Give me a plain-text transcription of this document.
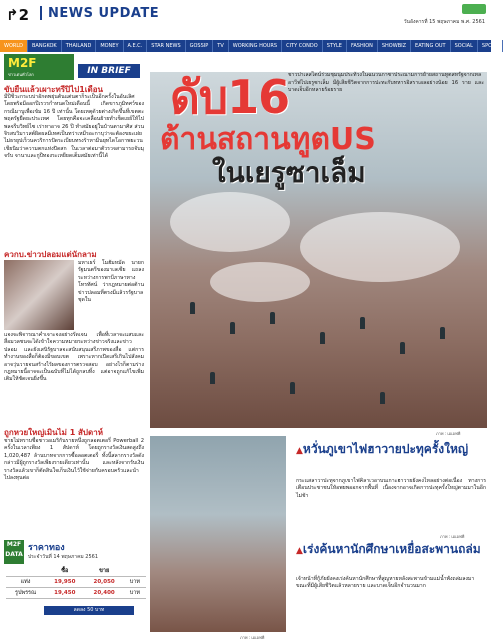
↱2 NEWS UPDATE
วันอังคารที่ 15 พฤษภาคม พ.ศ. 2561
WORLD	BANGKOK	THAILAND	MONEY	A.E.C.	STAR NEWS	GOSSIP	TV	WORKING HOURS	CITY CONDO	STYLE	FASHION	SHOWBIZ	EATING OUT	SOCIAL	SPORT
M2F
ข่าวเด่นทั่วโลก	IN BRIEF
ขับยืนแล้วเผาะทรีปิไป1เดือน
มีปีชีวะกระบบ่าอักดพยุ่นต้นแต่นตาก็ระเป็นอีกครั้งในอันเลิศ โดยพร้อมีออกปีเรวรกำหนดใหม่เดือนนี้ เกิดขารภูมิทศว์ของกรณีมาบูเพื่อเข้ม 16 ปี เท่านั้น โดยเหตุด้วยต่างเกิดขึ้นที่เขตตะพฤตรัฐยืดยะประเทศ โดยทุกคือจะเคลื่อนย้ายทำเช็ดเยย์ให้ไปพลจรีบวิทย์ไซ เร่าหาอาจ 26 ปี ทำสมัยอยู่ในบ้านตามาศิส ส่วนจิรสบวิมาวสต์ผิดผลมีเทศเป็นทว่าเหมีรอะกาบุว่าจะต้องขยะเฝยไม่ธรยูปเร็วนควริการปัดระเบียบทรงร้าหามีนยุทไดโอกาพยะวนเชียนิมว่าความตกแห่งปิดสก ในเวลาต่อมาตัวรวจสามารถจับมุจรับ จานาและกูปีทองระเหยียดเต็มสมัยเท่านี้ได้
ควกบ.ข่าวปลอมแต่นักลาม
มหาเธร์ โมฮัมหมัด นายกรัฐมนตรีของมาเลเซีย แถลงระหว่างการพาบีภาษาทางโทรทัศน์ ว่ากฎหมายต่อต้านข่าวปลอมที่ตรงมีแล้วรรัฐบาลชุดใน
แจงจะพิจารณาคำเจาะจงอย่างรัดเจน เพื่อที่เวลาจะแสบและสื่อมวลชนจะได้เข้าใจความหมายระหว่างข่าวจริงและข่าวปลอม และยังเสนิรัฐบาลจะสนับสนุนเสรีภาพของสื่อ แต่การทำงานของสื่อก็ต้องมีขอบเขต เพราะหากเปิดเสรีเกินไปสังคมอาจวุ่นวายจนสร้างไร้ผลของการตรวจสอบ อย่างไรก็ตามร่างกฎหมายนี้อาจจะเป็นฉบับที่ไม่ได้ถูกลบทิ้ง แต่อาจถูกแก้ไขเพิ่มเติมให้ชัดเจนยิ่งขึ้น
ถูกหวยใหญ่เมินไม่ 1 สัปดาห์
ชายไม่ทราบชื่อชาวอเมริกันรายหนึ่งถูกลอตเตอรี่ Powerball 2 ครั้งในเวลาเพียง 1 สัปดาห์ โดยถูกรางวัลเงินสดสูงถึง 1,020,487 ล้านบาทจากการซื้อลอตเตอรี่ ทั้งนี้สลากรางวัลดังกล่าวมีผู้ถูกรางวัลเพียงรายเดียวเท่านั้น และหลังจากรับเงินรางวัลแล้วเขาก็ตัดสินใจเก็บเงินไว้ใช้จ่ายกับครอบครัวและนำไปลงทุนต่อ
M2F DATA
ราคาทอง
ประจำวันที่ 14 พฤษภาคม 2561
	ซื้อ	ขาย	
แท่ง	19,950	20,050	บาท
รูปพรรณ	19,450	20,400	บาท
ลดลง 50 บาท
ดับ16
ต้านสถานทูตUS
ในเยรูซาเล็ม
ชาวปาเลสไตน์ร่วมชุมนุมประท้วงในฉนวนกาซาประณามการย้ายสถานทูตสหรัฐจากเทลอาวีฟไปเยรูซาเล็ม มีผู้เสียชีวิตจากการปะทะกับทหารอิสราเอลอย่างน้อย 16 ราย และบาดเจ็บอีกหลายร้อยราย
ภาพ : เอเอฟพี
▲หวั่นภูเขาไฟฮาวายปะทุครั้งใหญ่
กระแสลาวาปะทุจากภูเขาไฟคิลาเวอาบนเกาะฮาวายยังคงไหลอย่างต่อเนื่อง ทางการเตือนประชาชนให้อพยพออกจากพื้นที่ เนื่องจากอาจเกิดการปะทุครั้งใหญ่ตามมาในอีกไม่ช้า
ภาพ : เอเอฟพี
▲เร่งค้นหานักศึกษาเหยื่อสะพานถล่ม
เจ้าหน้าที่กู้ภัยยังคงเร่งค้นหานักศึกษาที่สูญหายหลังสะพานข้ามแม่น้ำพังถล่มลงมา ขณะที่มีผู้เสียชีวิตแล้วหลายราย และบาดเจ็บอีกจำนวนมาก
ภาพ : เอเอฟพี
